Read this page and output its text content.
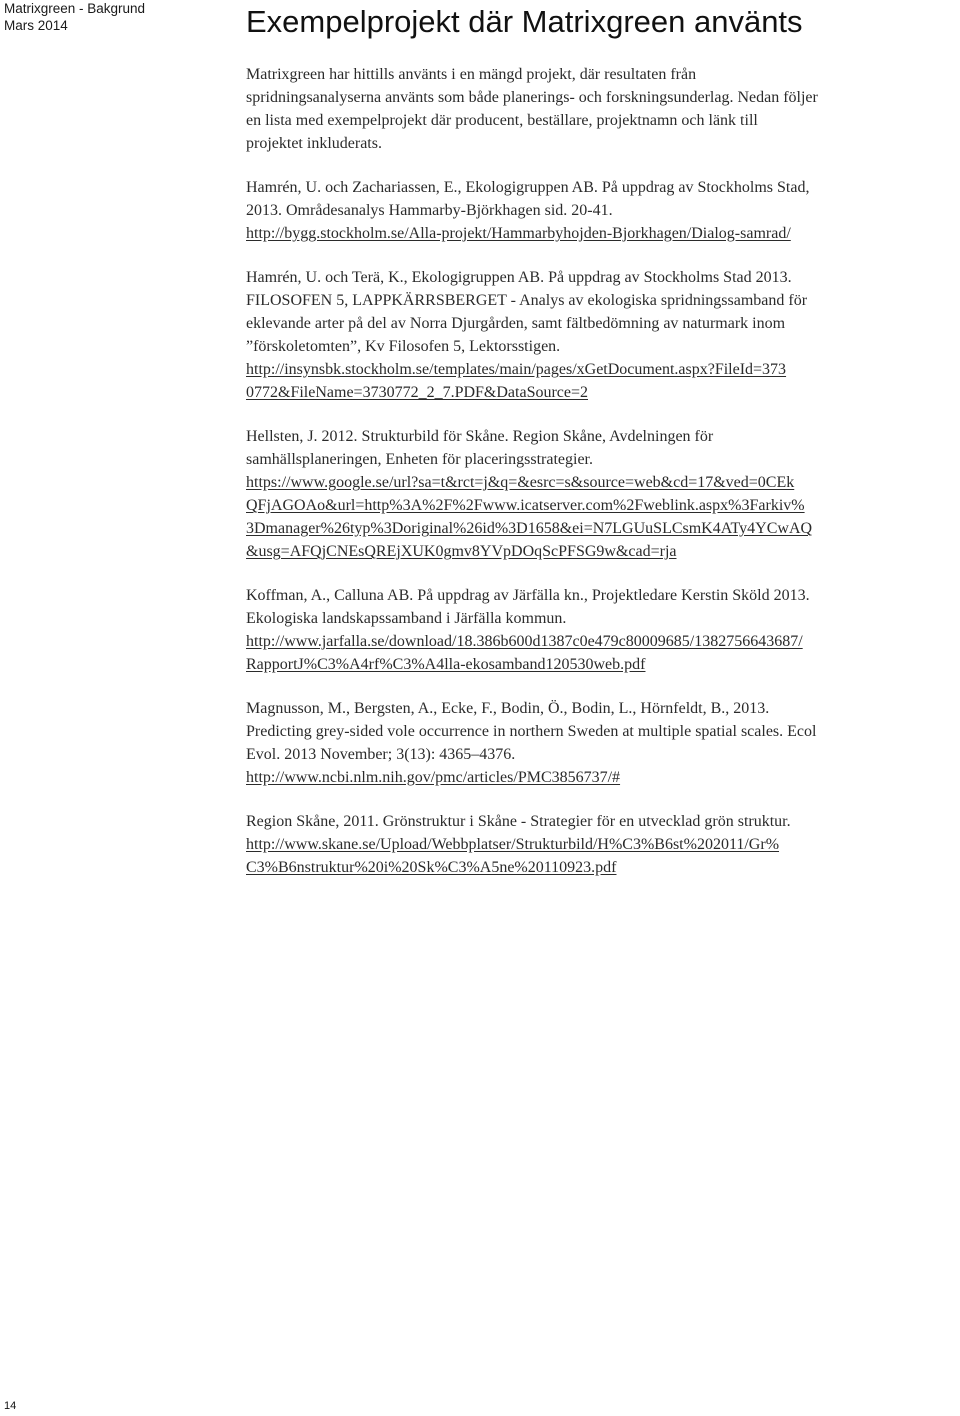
Matrixgreen - Bakgrund
Mars 2014	Exempelprojekt där Matrixgreen använts
Matrixgreen har hittills använts i en mängd projekt, där resultaten från
spridningsanalyserna använts som både planerings- och forskningsunderlag. Nedan följer
en lista med exempelprojekt där producent, beställare, projektnamn och länk till
projektet inkluderats.
Hamrén, U. och Zachariassen, E., Ekologigruppen AB. På uppdrag av Stockholms Stad,
2013. Områdesanalys Hammarby-Björkhagen sid. 20-41.
http://bygg.stockholm.se/Alla-projekt/Hammarbyhojden-Bjorkhagen/Dialog-samrad/
Hamrén, U. och Terä, K., Ekologigruppen AB. På uppdrag av Stockholms Stad 2013.
FILOSOFEN 5, LAPPKÄRRSBERGET - Analys av ekologiska spridningssamband för
eklevande arter på del av Norra Djurgården, samt fältbedömning av naturmark inom
”förskoletomten”, Kv Filosofen 5, Lektorsstigen.
http://insynsbk.stockholm.se/templates/main/pages/xGetDocument.aspx?FileId=373
0772&FileName=3730772_2_7.PDF&DataSource=2
Hellsten, J. 2012. Strukturbild för Skåne. Region Skåne, Avdelningen för
samhällsplaneringen, Enheten för placeringsstrategier.
https://www.google.se/url?sa=t&rct=j&q=&esrc=s&source=web&cd=17&ved=0CEk
QFjAGOAo&url=http%3A%2F%2Fwww.icatserver.com%2Fweblink.aspx%3Farkiv%
3Dmanager%26typ%3Doriginal%26id%3D1658&ei=N7LGUuSLCsmK4ATy4YCwAQ
&usg=AFQjCNEsQREjXUK0gmv8YVpDOqScPFSG9w&cad=rja
Koffman, A., Calluna AB. På uppdrag av Järfälla kn., Projektledare Kerstin Sköld 2013.
Ekologiska landskapssamband i Järfälla kommun.
http://www.jarfalla.se/download/18.386b600d1387c0e479c80009685/1382756643687/
RapportJ%C3%A4rf%C3%A4lla-ekosamband120530web.pdf
Magnusson, M., Bergsten, A., Ecke, F., Bodin, Ö., Bodin, L., Hörnfeldt, B., 2013.
Predicting grey-sided vole occurrence in northern Sweden at multiple spatial scales. Ecol
Evol. 2013 November; 3(13): 4365–4376.
http://www.ncbi.nlm.nih.gov/pmc/articles/PMC3856737/#
Region Skåne, 2011. Grönstruktur i Skåne - Strategier för en utvecklad grön struktur.
http://www.skane.se/Upload/Webbplatser/Strukturbild/H%C3%B6st%202011/Gr%
C3%B6nstruktur%20i%20Sk%C3%A5ne%20110923.pdf
14
